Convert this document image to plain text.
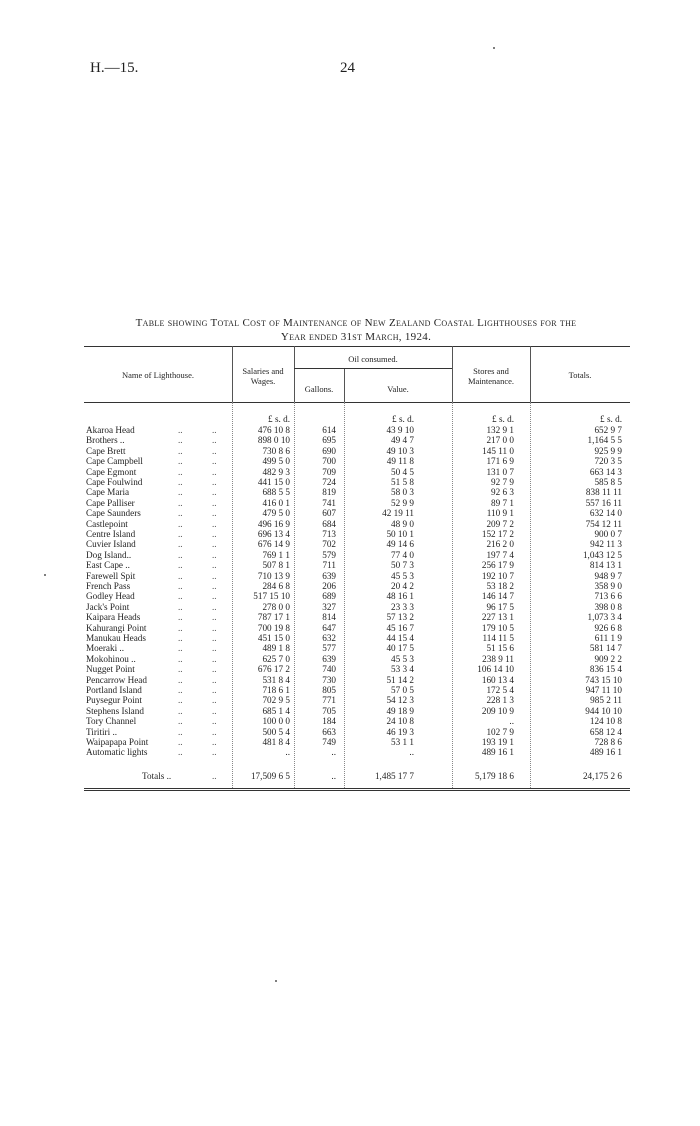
H.—15.	24
Table showing Total Cost of Maintenance of New Zealand Coastal Lighthouses for the
Year ended 31st March, 1924.
Name of Lighthouse.	Salaries and Wages.
Oil consumed.
Gallons.	Value.
Stores and Maintenance.
Totals.
£ s. d.	£ s. d.	£ s. d.	£ s. d.
Akaroa Head	..	..	476 10 8	614	43 9 10	132 9 1	652 9 7
Brothers ..	..	..	898 0 10	695	49 4 7	217 0 0	1,164 5 5
Cape Brett	..	..	730 8 6	690	49 10 3	145 11 0	925 9 9
Cape Campbell	..	..	499 5 0	700	49 11 8	171 6 9	720 3 5
Cape Egmont	..	..	482 9 3	709	50 4 5	131 0 7	663 14 3
Cape Foulwind	..	..	441 15 0	724	51 5 8	92 7 9	585 8 5
Cape Maria	..	..	688 5 5	819	58 0 3	92 6 3	838 11 11
Cape Palliser	..	..	416 0 1	741	52 9 9	89 7 1	557 16 11
Cape Saunders	..	..	479 5 0	607	42 19 11	110 9 1	632 14 0
Castlepoint	..	..	496 16 9	684	48 9 0	209 7 2	754 12 11
Centre Island	..	..	696 13 4	713	50 10 1	152 17 2	900 0 7
Cuvier Island	..	..	676 14 9	702	49 14 6	216 2 0	942 11 3
Dog Island..	..	..	769 1 1	579	77 4 0	197 7 4	1,043 12 5
East Cape ..	..	..	507 8 1	711	50 7 3	256 17 9	814 13 1
Farewell Spit	..	..	710 13 9	639	45 5 3	192 10 7	948 9 7
French Pass	..	..	284 6 8	206	20 4 2	53 18 2	358 9 0
Godley Head	..	..	517 15 10	689	48 16 1	146 14 7	713 6 6
Jack's Point	..	..	278 0 0	327	23 3 3	96 17 5	398 0 8
Kaipara Heads	..	..	787 17 1	814	57 13 2	227 13 1	1,073 3 4
Kahurangi Point	..	..	700 19 8	647	45 16 7	179 10 5	926 6 8
Manukau Heads	..	..	451 15 0	632	44 15 4	114 11 5	611 1 9
Moeraki ..	..	..	489 1 8	577	40 17 5	51 15 6	581 14 7
Mokohinou ..	..	..	625 7 0	639	45 5 3	238 9 11	909 2 2
Nugget Point	..	..	676 17 2	740	53 3 4	106 14 10	836 15 4
Pencarrow Head	..	..	531 8 4	730	51 14 2	160 13 4	743 15 10
Portland Island	..	..	718 6 1	805	57 0 5	172 5 4	947 11 10
Puysegur Point	..	..	702 9 5	771	54 12 3	228 1 3	985 2 11
Stephens Island	..	..	685 1 4	705	49 18 9	209 10 9	944 10 10
Tory Channel	..	..	100 0 0	184	24 10 8	..	124 10 8
Tiritiri ..	..	..	500 5 4	663	46 19 3	102 7 9	658 12 4
Waipapapa Point	..	..	481 8 4	749	53 1 1	193 19 1	728 8 6
Automatic lights	..	..	..	..	..	489 16 1	489 16 1
Totals ..	..	17,509 6 5	..	1,485 17 7	5,179 18 6	24,175 2 6
